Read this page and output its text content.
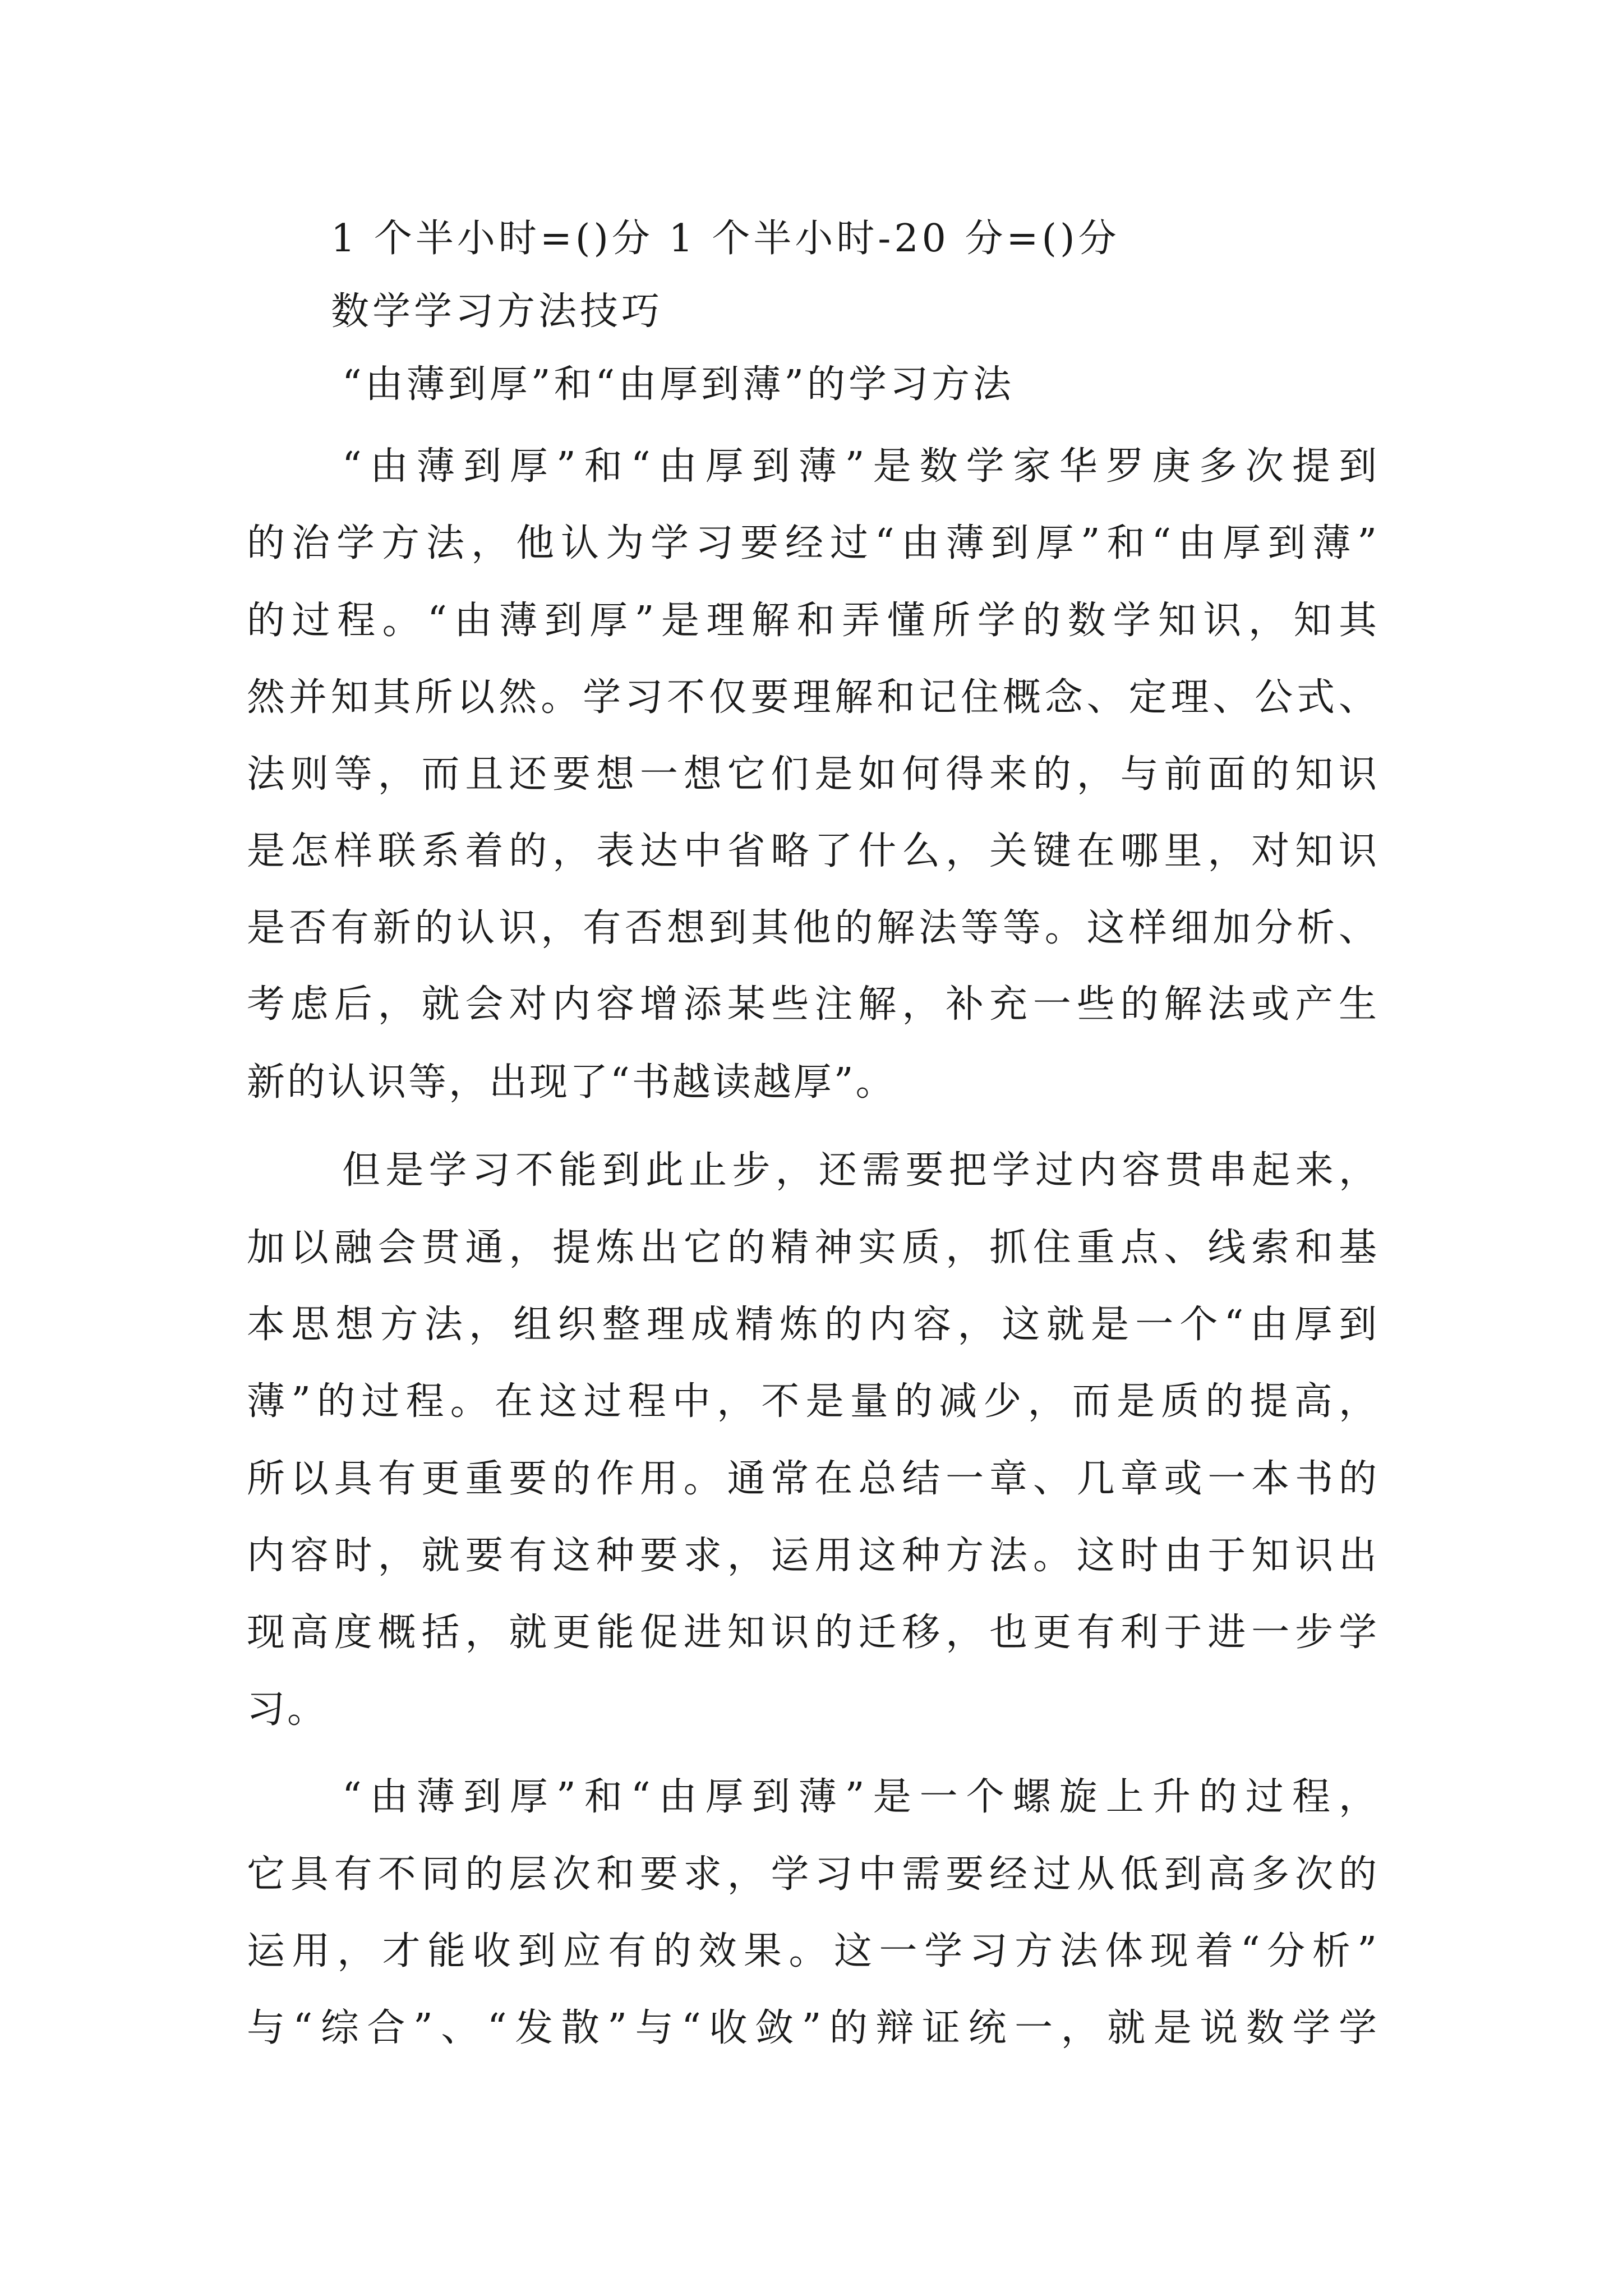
1 个半小时=()分 1 个半小时-20 分=()分
数学学习方法技巧
“由薄到厚”和“由厚到薄”的学习方法
“由薄到厚”和“由厚到薄”是数学家华罗庚多次提到
的治学方法，他认为学习要经过“由薄到厚”和“由厚到薄”
的过程。“由薄到厚”是理解和弄懂所学的数学知识，知其
然并知其所以然。学习不仅要理解和记住概念、定理、公式、
法则等，而且还要想一想它们是如何得来的，与前面的知识
是怎样联系着的，表达中省略了什么，关键在哪里，对知识
是否有新的认识，有否想到其他的解法等等。这样细加分析、
考虑后，就会对内容增添某些注解，补充一些的解法或产生
新的认识等，出现了“书越读越厚”。
但是学习不能到此止步，还需要把学过内容贯串起来，
加以融会贯通，提炼出它的精神实质，抓住重点、线索和基
本思想方法，组织整理成精炼的内容，这就是一个“由厚到
薄”的过程。在这过程中，不是量的减少，而是质的提高，
所以具有更重要的作用。通常在总结一章、几章或一本书的
内容时，就要有这种要求，运用这种方法。这时由于知识出
现高度概括，就更能促进知识的迁移，也更有利于进一步学
习。
“由薄到厚”和“由厚到薄”是一个螺旋上升的过程，
它具有不同的层次和要求，学习中需要经过从低到高多次的
运用，才能收到应有的效果。这一学习方法体现着“分析”
与“综合”、“发散”与“收敛”的辩证统一，就是说数学学
